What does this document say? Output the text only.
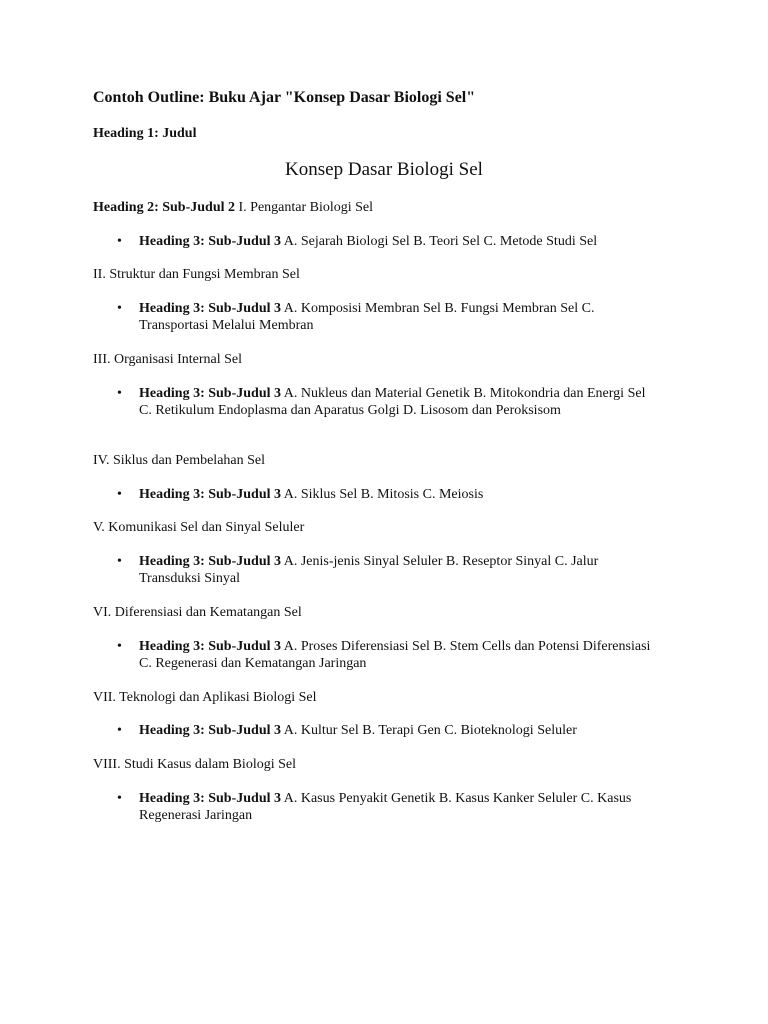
Contoh Outline: Buku Ajar "Konsep Dasar Biologi Sel"
Heading 1: Judul
Konsep Dasar Biologi Sel
Heading 2: Sub-Judul 2 I. Pengantar Biologi Sel
• Heading 3: Sub-Judul 3 A. Sejarah Biologi Sel B. Teori Sel C. Metode Studi Sel
II. Struktur dan Fungsi Membran Sel
• Heading 3: Sub-Judul 3 A. Komposisi Membran Sel B. Fungsi Membran Sel C. Transportasi Melalui Membran
III. Organisasi Internal Sel
• Heading 3: Sub-Judul 3 A. Nukleus dan Material Genetik B. Mitokondria dan Energi Sel C. Retikulum Endoplasma dan Aparatus Golgi D. Lisosom dan Peroksisom
IV. Siklus dan Pembelahan Sel
• Heading 3: Sub-Judul 3 A. Siklus Sel B. Mitosis C. Meiosis
V. Komunikasi Sel dan Sinyal Seluler
• Heading 3: Sub-Judul 3 A. Jenis-jenis Sinyal Seluler B. Reseptor Sinyal C. Jalur Transduksi Sinyal
VI. Diferensiasi dan Kematangan Sel
• Heading 3: Sub-Judul 3 A. Proses Diferensiasi Sel B. Stem Cells dan Potensi Diferensiasi C. Regenerasi dan Kematangan Jaringan
VII. Teknologi dan Aplikasi Biologi Sel
• Heading 3: Sub-Judul 3 A. Kultur Sel B. Terapi Gen C. Bioteknologi Seluler
VIII. Studi Kasus dalam Biologi Sel
• Heading 3: Sub-Judul 3 A. Kasus Penyakit Genetik B. Kasus Kanker Seluler C. Kasus Regenerasi Jaringan
